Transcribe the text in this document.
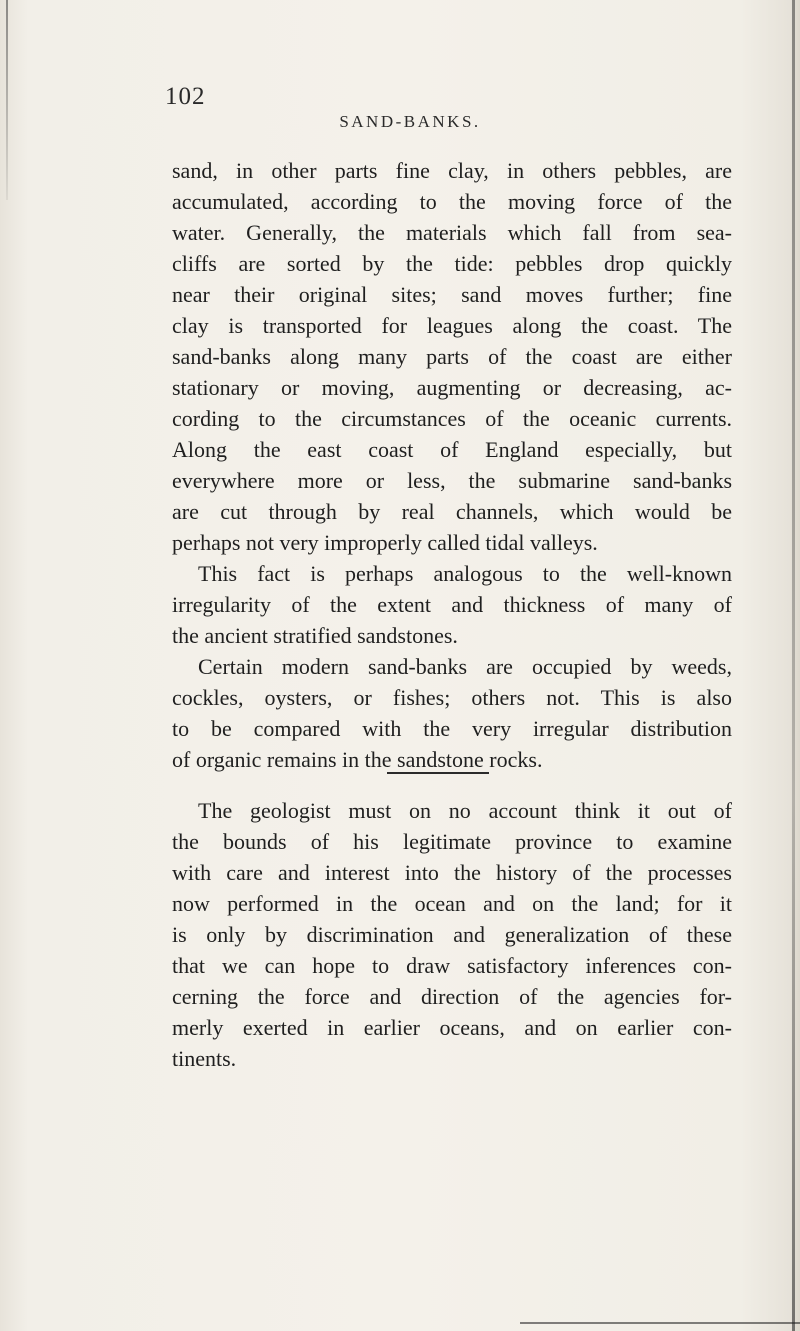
102
SAND-BANKS.
sand, in other parts fine clay, in others pebbles, are
accumulated, according to the moving force of the
water. Generally, the materials which fall from sea-
cliffs are sorted by the tide: pebbles drop quickly
near their original sites; sand moves further; fine
clay is transported for leagues along the coast. The
sand-banks along many parts of the coast are either
stationary or moving, augmenting or decreasing, ac-
cording to the circumstances of the oceanic currents.
Along the east coast of England especially, but
everywhere more or less, the submarine sand-banks
are cut through by real channels, which would be
perhaps not very improperly called tidal valleys.
This fact is perhaps analogous to the well-known
irregularity of the extent and thickness of many of
the ancient stratified sandstones.
Certain modern sand-banks are occupied by weeds,
cockles, oysters, or fishes; others not. This is also
to be compared with the very irregular distribution
of organic remains in the sandstone rocks.
The geologist must on no account think it out of
the bounds of his legitimate province to examine
with care and interest into the history of the processes
now performed in the ocean and on the land; for it
is only by discrimination and generalization of these
that we can hope to draw satisfactory inferences con-
cerning the force and direction of the agencies for-
merly exerted in earlier oceans, and on earlier con-
tinents.
